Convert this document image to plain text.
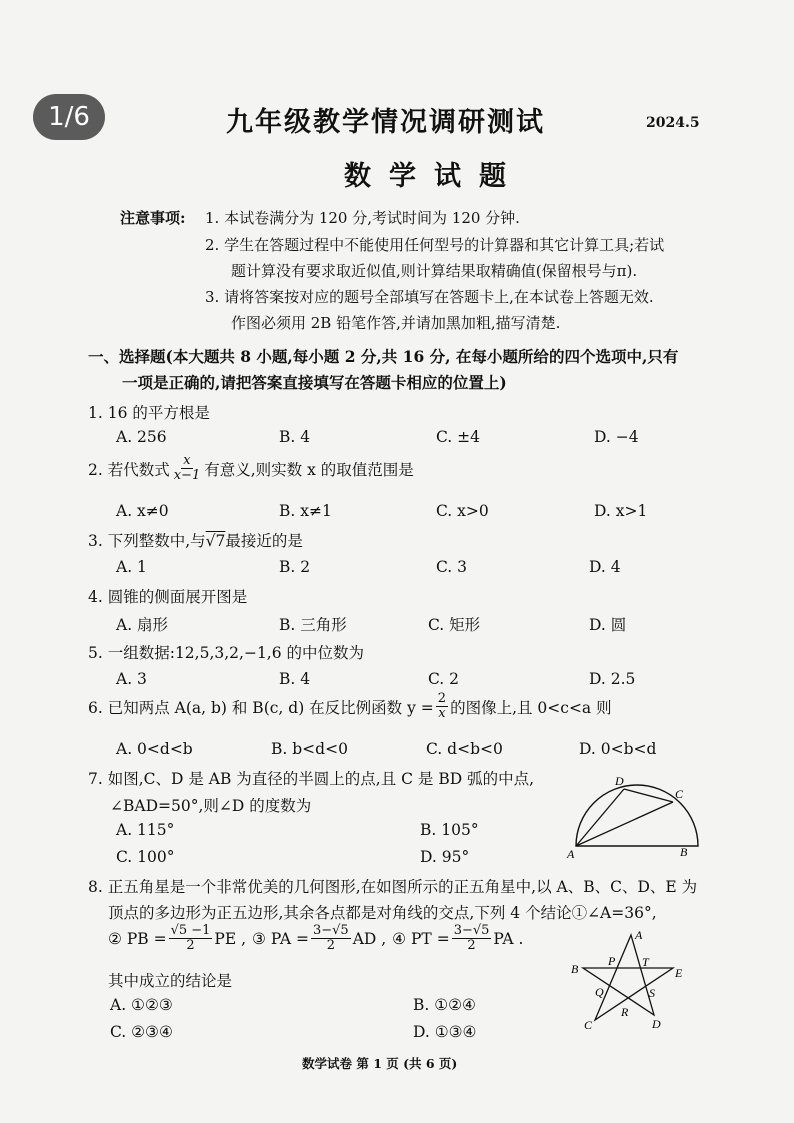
1/6	九年级教学情况调研测试	2024.5
数学试题
注意事项: 1. 本试卷满分为 120 分,考试时间为 120 分钟.
2. 学生在答题过程中不能使用任何型号的计算器和其它计算工具;若试
题计算没有要求取近似值,则计算结果取精确值(保留根号与π).
3. 请将答案按对应的题号全部填写在答题卡上,在本试卷上答题无效.
作图必须用 2B 铅笔作答,并请加黑加粗,描写清楚.
一、选择题(本大题共 8 小题,每小题 2 分,共 16 分, 在每小题所给的四个选项中,只有
一项是正确的,请把答案直接填写在答题卡相应的位置上)
1. 16 的平方根是
A. 256	B. 4	C. ±4	D. −4
2. 若代数式 $\frac{x}{x-1}$ 有意义,则实数 x 的取值范围是
A. x≠0	B. x≠1	C. x>0	D. x>1
3. 下列整数中,与√7最接近的是
A. 1	B. 2	C. 3	D. 4
4. 圆锥的侧面展开图是
A. 扇形	B. 三角形	C. 矩形	D. 圆
5. 一组数据:12,5,3,2,−1,6 的中位数为
A. 3	B. 4	C. 2	D. 2.5
6. 已知两点 A(a, b) 和 B(c, d) 在反比例函数 $y = \frac{2}{x}$ 的图像上,且 0<c<a 则
A. 0<d<b	B. b<d<0	C. d<b<0	D. 0<b<d
7. 如图,C、D 是 AB 为直径的半圆上的点,且 C 是 BD 弧的中点,
∠BAD=50°,则∠D 的度数为
A. 115°	B. 105°
C. 100°	D. 95°	A	B
C
D
8. 正五角星是一个非常优美的几何图形,在如图所示的正五角星中,以 A、B、C、D、E 为
顶点的多边形为正五边形,其余各点都是对角线的交点,下列 4 个结论①∠A=36°,
② PB = $\frac{√5 -1}{2}$ PE , ③ PA = $\frac{3-√5}{2}$ AD , ④ PT = $\frac{3-√5}{2}$ PA .
其中成立的结论是
A. ①②③	B. ①②④
C. ②③④	D. ①③④
A
B
C	D
E
P T
Q	S
R
数学试卷 第 1 页 (共 6 页)
